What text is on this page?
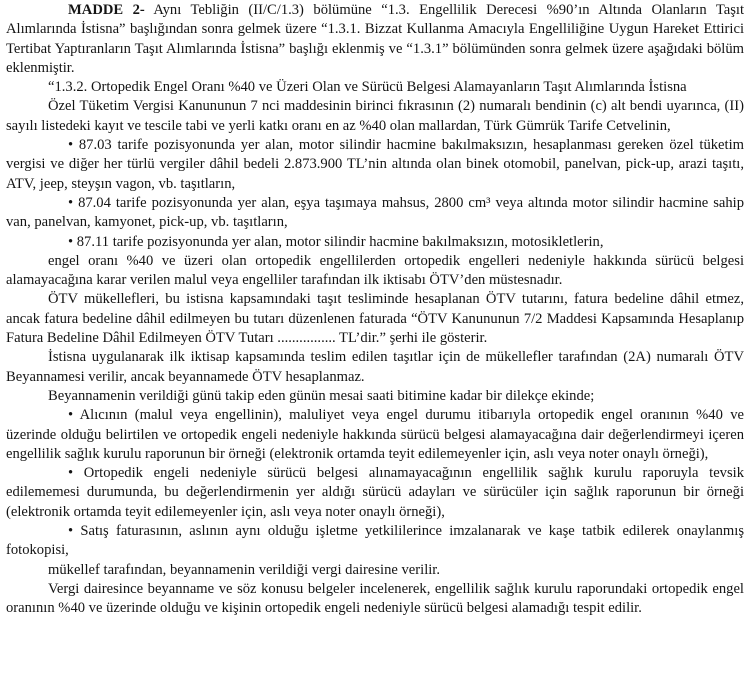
MADDE 2- Aynı Tebliğin (II/C/1.3) bölümüne “1.3. Engellilik Derecesi %90’ın Altında Olanların Taşıt Alımlarında İstisna” başlığından sonra gelmek üzere “1.3.1. Bizzat Kullanma Amacıyla Engelliliğine Uygun Hareket Ettirici Tertibat Yaptıranların Taşıt Alımlarında İstisna” başlığı eklenmiş ve “1.3.1” bölümünden sonra gelmek üzere aşağıdaki bölüm eklenmiştir.

“1.3.2. Ortopedik Engel Oranı %40 ve Üzeri Olan ve Sürücü Belgesi Alamayanların Taşıt Alımlarında İstisna

Özel Tüketim Vergisi Kanununun 7 nci maddesinin birinci fıkrasının (2) numaralı bendinin (c) alt bendi uyarınca, (II) sayılı listedeki kayıt ve tescile tabi ve yerli katkı oranı en az %40 olan mallardan, Türk Gümrük Tarife Cetvelinin,

• 87.03 tarife pozisyonunda yer alan, motor silindir hacmine bakılmaksızın, hesaplanması gereken özel tüketim vergisi ve diğer her türlü vergiler dâhil bedeli 2.873.900 TL’nin altında olan binek otomobil, panelvan, pick-up, arazi taşıtı, ATV, jeep, steyşın vagon, vb. taşıtların,

• 87.04 tarife pozisyonunda yer alan, eşya taşımaya mahsus, 2800 cm³ veya altında motor silindir hacmine sahip van, panelvan, kamyonet, pick-up, vb. taşıtların,

• 87.11 tarife pozisyonunda yer alan, motor silindir hacmine bakılmaksızın, motosikletlerin,

engel oranı %40 ve üzeri olan ortopedik engellilerden ortopedik engelleri nedeniyle hakkında sürücü belgesi alamayacağına karar verilen malul veya engelliler tarafından ilk iktisabı ÖTV’den müstesnadır.

ÖTV mükellefleri, bu istisna kapsamındaki taşıt tesliminde hesaplanan ÖTV tutarını, fatura bedeline dâhil etmez, ancak fatura bedeline dâhil edilmeyen bu tutarı düzenlenen faturada “ÖTV Kanununun 7/2 Maddesi Kapsamında Hesaplanıp Fatura Bedeline Dâhil Edilmeyen ÖTV Tutarı ................ TL’dir.” şerhi ile gösterir.

İstisna uygulanarak ilk iktisap kapsamında teslim edilen taşıtlar için de mükellefler tarafından (2A) numaralı ÖTV Beyannamesi verilir, ancak beyannamede ÖTV hesaplanmaz.

Beyannamenin verildiği günü takip eden günün mesai saati bitimine kadar bir dilekçe ekinde;

• Alıcının (malul veya engellinin), maluliyet veya engel durumu itibarıyla ortopedik engel oranının %40 ve üzerinde olduğu belirtilen ve ortopedik engeli nedeniyle hakkında sürücü belgesi alamayacağına dair değerlendirmeyi içeren engellilik sağlık kurulu raporunun bir örneği (elektronik ortamda teyit edilemeyenler için, aslı veya noter onaylı örneği),

• Ortopedik engeli nedeniyle sürücü belgesi alınamayacağının engellilik sağlık kurulu raporuyla tevsik edilememesi durumunda, bu değerlendirmenin yer aldığı sürücü adayları ve sürücüler için sağlık raporunun bir örneği (elektronik ortamda teyit edilemeyenler için, aslı veya noter onaylı örneği),

• Satış faturasının, aslının aynı olduğu işletme yetkililerince imzalanarak ve kaşe tatbik edilerek onaylanmış fotokopisi,

mükellef tarafından, beyannamenin verildiği vergi dairesine verilir.

Vergi dairesince beyanname ve söz konusu belgeler incelenerek, engellilik sağlık kurulu raporundaki ortopedik engel oranının %40 ve üzerinde olduğu ve kişinin ortopedik engeli nedeniyle sürücü belgesi alamadığı tespit edilir.
